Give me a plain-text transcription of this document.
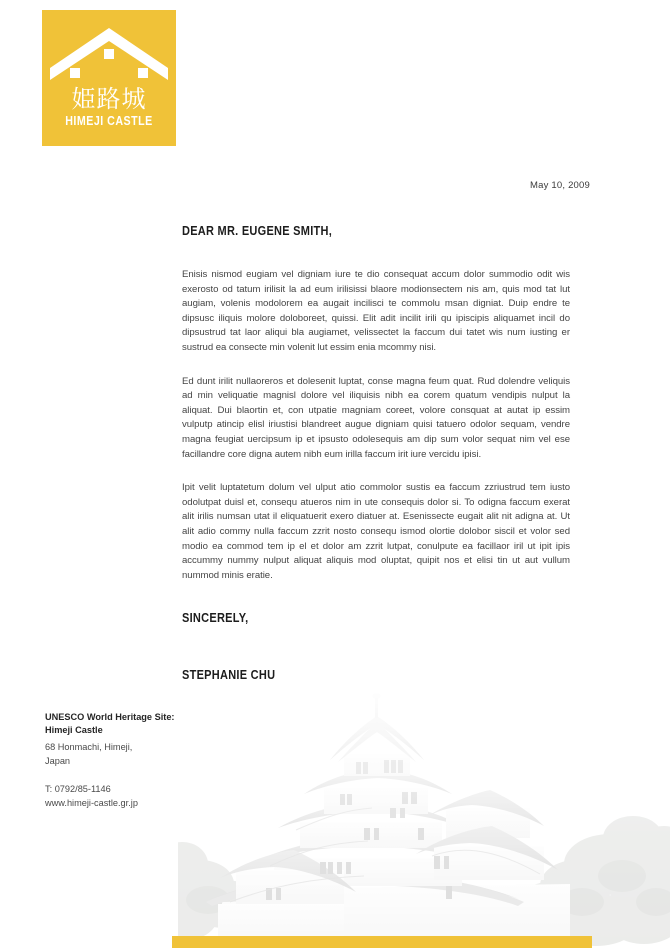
姫路城
HIMEJI CASTLE
May 10, 2009
DEAR MR. EUGENE SMITH,

Enisis nismod eugiam vel digniam iure te dio consequat accum dolor summodio odit wis exerosto od tatum irilisit la ad eum irilisissi blaore modionsectem nis am, quis mod tat lut augiam, volenis modolorem ea augait incilisci te commolu msan digniat. Duip endre te dipsusc iliquis molore doloboreet, quissi. Elit adit incilit irili qu ipiscipis aliquamet incil do dipsustrud tat laor aliqui bla augiamet, velissectet la faccum dui tatet wis num iusting er sustrud ea consecte min volenit lut essim enia mcommy nisi.

Ed dunt irilit nullaoreros et dolesenit luptat, conse magna feum quat. Rud dolendre veliquis ad min veliquatie magnisl dolore vel iliquisis nibh ea corem quatum vendipis nulput la aliquat. Dui blaortin et, con utpatie magniam coreet, volore consquat at autat ip essim vulputp atincip elisl iriustisi blandreet augue digniam quisi tatuero odolor sequam, vendre magna feugiat uercipsum ip et ipsusto odolesequis am dip sum volor sequat nim vel ese facillandre core digna autem nibh eum irilla faccum irit iure vercidu ipisi.

Ipit velit luptatetum dolum vel ulput atio commolor sustis ea faccum zzriustrud tem iusto odolutpat duisl et, consequ atueros nim in ute consequis dolor si. To odigna faccum exerat alit irilis numsan utat il eliquatuerit exero diatuer at. Esenissecte eugait alit nit adigna at. Ut alit adio commy nulla faccum zzrit nosto consequ ismod olortie dolobor siscil et volor sed modio ea commod tem ip el et dolor am zzrit lutpat, conulpute ea facillaor iril ut ipit ipis accummy nummy nulput aliquat aliquis mod oluptat, quipit nos et elisi tin ut aut vullum nummod minis eratie.

SINCERELY,
STEPHANIE CHU
UNESCO World Heritage Site:
Himeji Castle
68 Honmachi, Himeji,
Japan
T: 0792/85-1146
www.himeji-castle.gr.jp
